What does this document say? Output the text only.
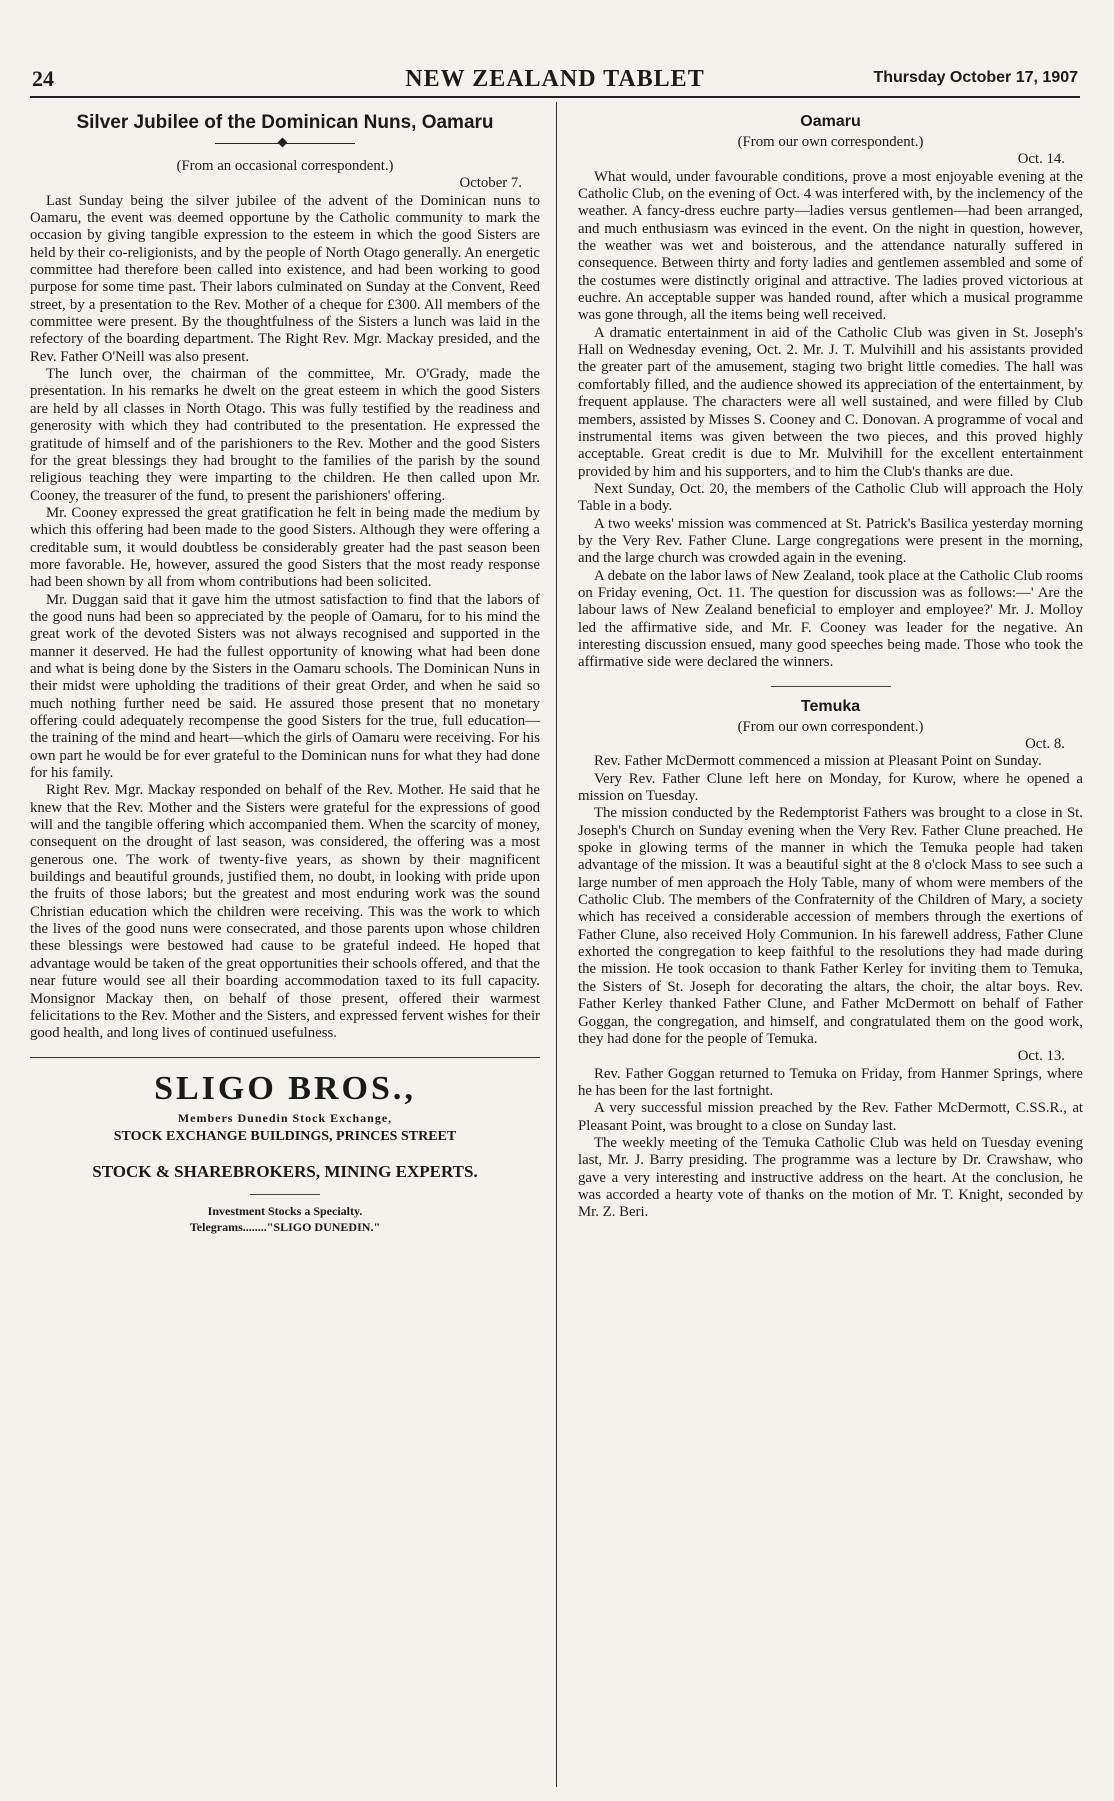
24	NEW ZEALAND TABLET	Thursday October 17, 1907
Silver Jubilee of the Dominican Nuns, Oamaru
(From an occasional correspondent.)
October 7.

Last Sunday being the silver jubilee of the advent of the Dominican nuns to Oamaru, the event was deemed opportune by the Catholic community to mark the occasion by giving tangible expression to the esteem in which the good Sisters are held by their co-religionists, and by the people of North Otago generally. An energetic committee had therefore been called into existence, and had been working to good purpose for some time past. Their labors culminated on Sunday at the Convent, Reed street, by a presentation to the Rev. Mother of a cheque for £300. All members of the committee were present. By the thoughtfulness of the Sisters a lunch was laid in the refectory of the boarding department. The Right Rev. Mgr. Mackay presided, and the Rev. Father O'Neill was also present.

The lunch over, the chairman of the committee, Mr. O'Grady, made the presentation. In his remarks he dwelt on the great esteem in which the good Sisters are held by all classes in North Otago. This was fully testified by the readiness and generosity with which they had contributed to the presentation. He expressed the gratitude of himself and of the parishioners to the Rev. Mother and the good Sisters for the great blessings they had brought to the families of the parish by the sound religious teaching they were imparting to the children. He then called upon Mr. Cooney, the treasurer of the fund, to present the parishioners' offering.

Mr. Cooney expressed the great gratification he felt in being made the medium by which this offering had been made to the good Sisters. Although they were offering a creditable sum, it would doubtless be considerably greater had the past season been more favorable. He, however, assured the good Sisters that the most ready response had been shown by all from whom contributions had been solicited.

Mr. Duggan said that it gave him the utmost satisfaction to find that the labors of the good nuns had been so appreciated by the people of Oamaru, for to his mind the great work of the devoted Sisters was not always recognised and supported in the manner it deserved. He had the fullest opportunity of knowing what had been done and what is being done by the Sisters in the Oamaru schools. The Dominican Nuns in their midst were upholding the traditions of their great Order, and when he said so much nothing further need be said. He assured those present that no monetary offering could adequately recompense the good Sisters for the true, full education—the training of the mind and heart—which the girls of Oamaru were receiving. For his own part he would be for ever grateful to the Dominican nuns for what they had done for his family.

Right Rev. Mgr. Mackay responded on behalf of the Rev. Mother. He said that he knew that the Rev. Mother and the Sisters were grateful for the expressions of good will and the tangible offering which accompanied them. When the scarcity of money, consequent on the drought of last season, was considered, the offering was a most generous one. The work of twenty-five years, as shown by their magnificent buildings and beautiful grounds, justified them, no doubt, in looking with pride upon the fruits of those labors; but the greatest and most enduring work was the sound Christian education which the children were receiving. This was the work to which the lives of the good nuns were consecrated, and those parents upon whose children these blessings were bestowed had cause to be grateful indeed. He hoped that advantage would be taken of the great opportunities their schools offered, and that the near future would see all their boarding accommodation taxed to its full capacity. Monsignor Mackay then, on behalf of those present, offered their warmest felicitations to the Rev. Mother and the Sisters, and expressed fervent wishes for their good health, and long lives of continued usefulness.

SLIGO BROS.,
Members Dunedin Stock Exchange,
STOCK EXCHANGE BUILDINGS, PRINCES STREET
STOCK & SHAREBROKERS, MINING EXPERTS.
Investment Stocks a Specialty.
Telegrams........"SLIGO DUNEDIN."
Oamaru
(From our own correspondent.)
Oct. 14.

What would, under favourable conditions, prove a most enjoyable evening at the Catholic Club, on the evening of Oct. 4 was interfered with, by the inclemency of the weather. A fancy-dress euchre party—ladies versus gentlemen—had been arranged, and much enthusiasm was evinced in the event. On the night in question, however, the weather was wet and boisterous, and the attendance naturally suffered in consequence. Between thirty and forty ladies and gentlemen assembled and some of the costumes were distinctly original and attractive. The ladies proved victorious at euchre. An acceptable supper was handed round, after which a musical programme was gone through, all the items being well received.

A dramatic entertainment in aid of the Catholic Club was given in St. Joseph's Hall on Wednesday evening, Oct. 2. Mr. J. T. Mulvihill and his assistants provided the greater part of the amusement, staging two bright little comedies. The hall was comfortably filled, and the audience showed its appreciation of the entertainment, by frequent applause. The characters were all well sustained, and were filled by Club members, assisted by Misses S. Cooney and C. Donovan. A programme of vocal and instrumental items was given between the two pieces, and this proved highly acceptable. Great credit is due to Mr. Mulvihill for the excellent entertainment provided by him and his supporters, and to him the Club's thanks are due.

Next Sunday, Oct. 20, the members of the Catholic Club will approach the Holy Table in a body.

A two weeks' mission was commenced at St. Patrick's Basilica yesterday morning by the Very Rev. Father Clune. Large congregations were present in the morning, and the large church was crowded again in the evening.

A debate on the labor laws of New Zealand, took place at the Catholic Club rooms on Friday evening, Oct. 11. The question for discussion was as follows:—' Are the labour laws of New Zealand beneficial to employer and employee?' Mr. J. Molloy led the affirmative side, and Mr. F. Cooney was leader for the negative. An interesting discussion ensued, many good speeches being made. Those who took the affirmative side were declared the winners.

Temuka
(From our own correspondent.)
Oct. 8.

Rev. Father McDermott commenced a mission at Pleasant Point on Sunday.

Very Rev. Father Clune left here on Monday, for Kurow, where he opened a mission on Tuesday.

The mission conducted by the Redemptorist Fathers was brought to a close in St. Joseph's Church on Sunday evening when the Very Rev. Father Clune preached. He spoke in glowing terms of the manner in which the Temuka people had taken advantage of the mission. It was a beautiful sight at the 8 o'clock Mass to see such a large number of men approach the Holy Table, many of whom were members of the Catholic Club. The members of the Confraternity of the Children of Mary, a society which has received a considerable accession of members through the exertions of Father Clune, also received Holy Communion. In his farewell address, Father Clune exhorted the congregation to keep faithful to the resolutions they had made during the mission. He took occasion to thank Father Kerley for inviting them to Temuka, the Sisters of St. Joseph for decorating the altars, the choir, the altar boys. Rev. Father Kerley thanked Father Clune, and Father McDermott on behalf of Father Goggan, the congregation, and himself, and congratulated them on the good work, they had done for the people of Temuka.

Oct. 13.

Rev. Father Goggan returned to Temuka on Friday, from Hanmer Springs, where he has been for the last fortnight.

A very successful mission preached by the Rev. Father McDermott, C.SS.R., at Pleasant Point, was brought to a close on Sunday last.

The weekly meeting of the Temuka Catholic Club was held on Tuesday evening last, Mr. J. Barry presiding. The programme was a lecture by Dr. Crawshaw, who gave a very interesting and instructive address on the heart. At the conclusion, he was accorded a hearty vote of thanks on the motion of Mr. T. Knight, seconded by Mr. Z. Beri.
